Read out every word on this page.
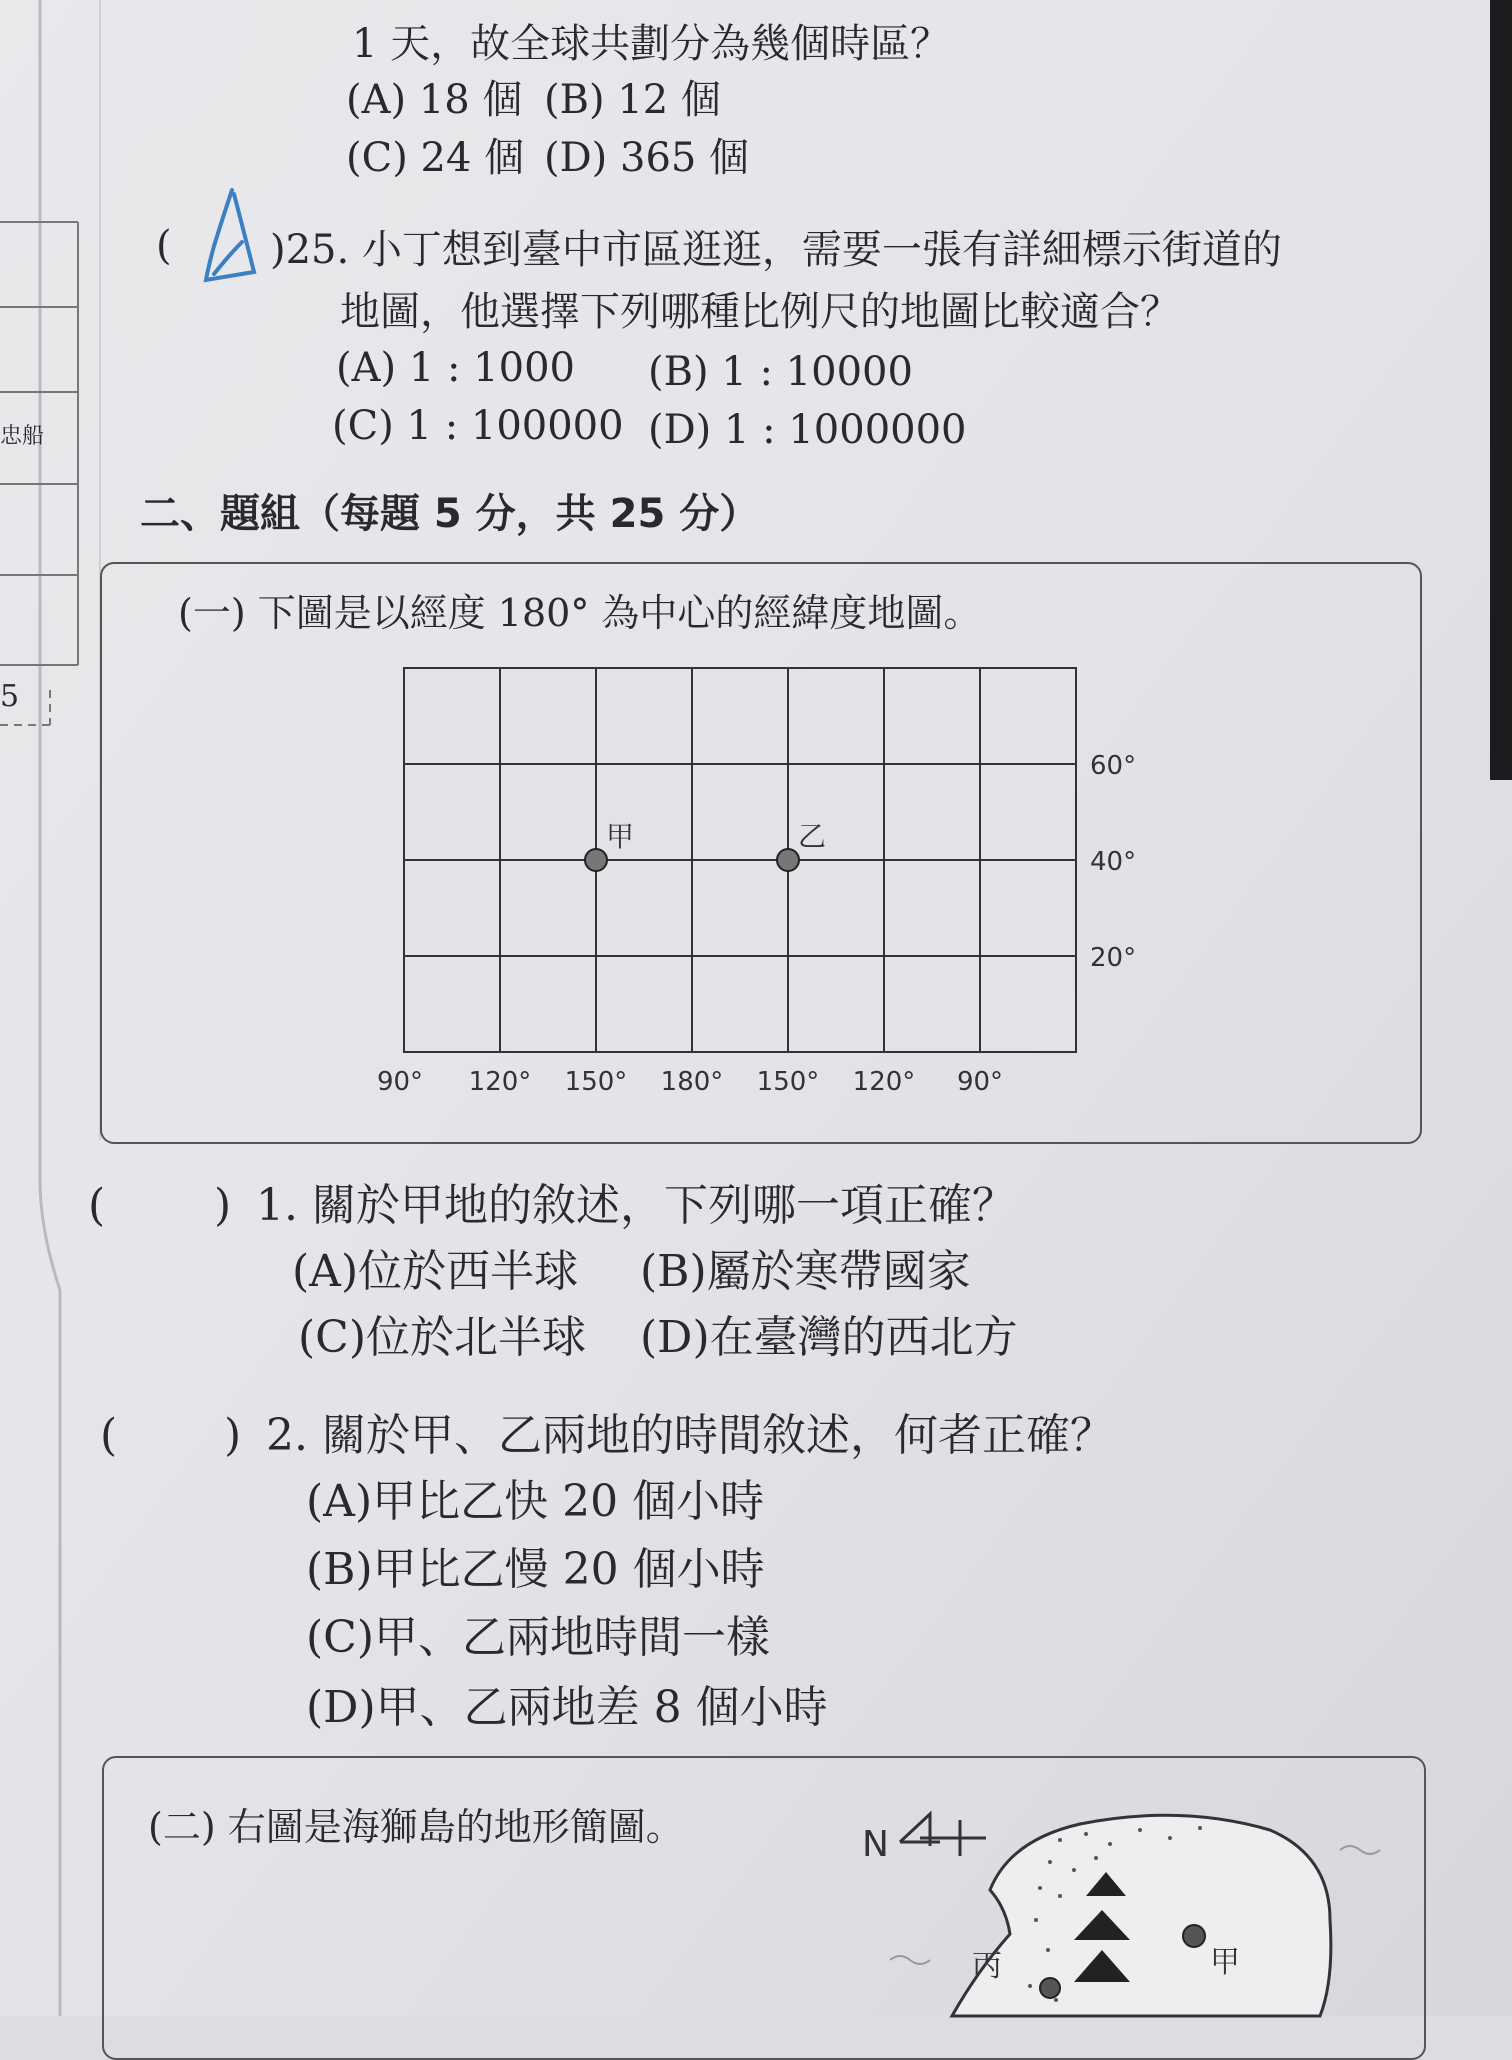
忠船
5
1 天，故全球共劃分為幾個時區？
(A) 18 個 (B) 12 個
(C) 24 個 (D) 365 個
( )25. 小丁想到臺中市區逛逛，需要一張有詳細標示街道的
地圖，他選擇下列哪種比例尺的地圖比較適合？
(A) 1 : 1000 (B) 1 : 10000
(C) 1 : 100000 (D) 1 : 1000000
二、題組（每題 5 分，共 25 分）
(一) 下圖是以經度 180° 為中心的經緯度地圖。
90° 120° 150° 180° 150° 120° 90°
60°
40°
20°
甲	乙
( ) 1. 關於甲地的敘述，下列哪一項正確？
(A)位於西半球 (B)屬於寒帶國家
(C)位於北半球 (D)在臺灣的西北方
( ) 2. 關於甲、乙兩地的時間敘述，何者正確？
(A)甲比乙快 20 個小時
(B)甲比乙慢 20 個小時
(C)甲、乙兩地時間一樣
(D)甲、乙兩地差 8 個小時
(二) 右圖是海獅島的地形簡圖。	N
甲
丙
